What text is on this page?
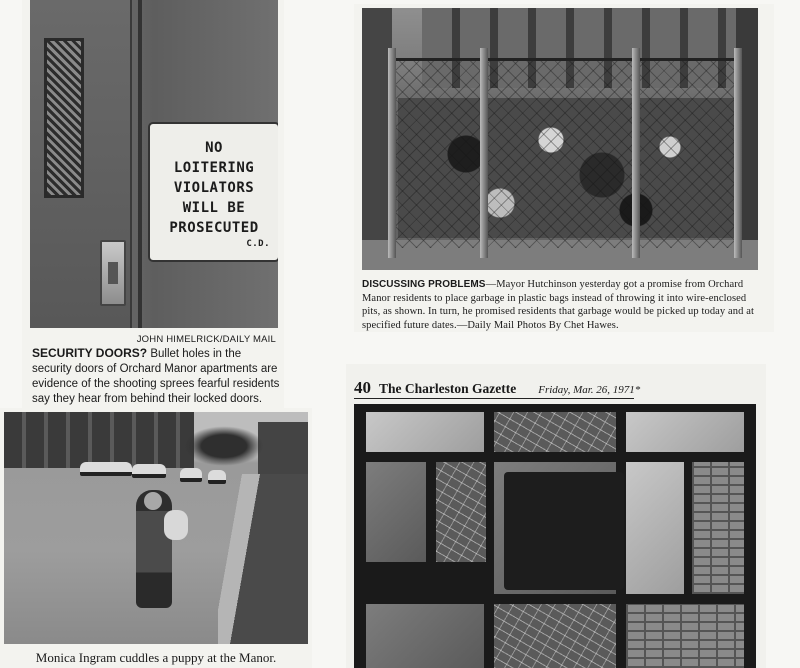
NO
LOITERING
VIOLATORS
WILL BE
PROSECUTED
C.D.
JOHN HIMELRICK/DAILY MAIL
SECURITY DOORS? Bullet holes in the security doors of Orchard Manor apartments are evidence of the shooting sprees fearful residents say they hear from behind their locked doors.
DISCUSSING PROBLEMS—Mayor Hutchinson yesterday got a promise from Orchard Manor residents to place garbage in plastic bags instead of throwing it into wire-enclosed pits, as shown. In turn, he promised residents that garbage would be picked up today and at specified future dates.—Daily Mail Photos By Chet Hawes.
Monica Ingram cuddles a puppy at the Manor.
40 The Charleston Gazette Friday, Mar. 26, 1971*
